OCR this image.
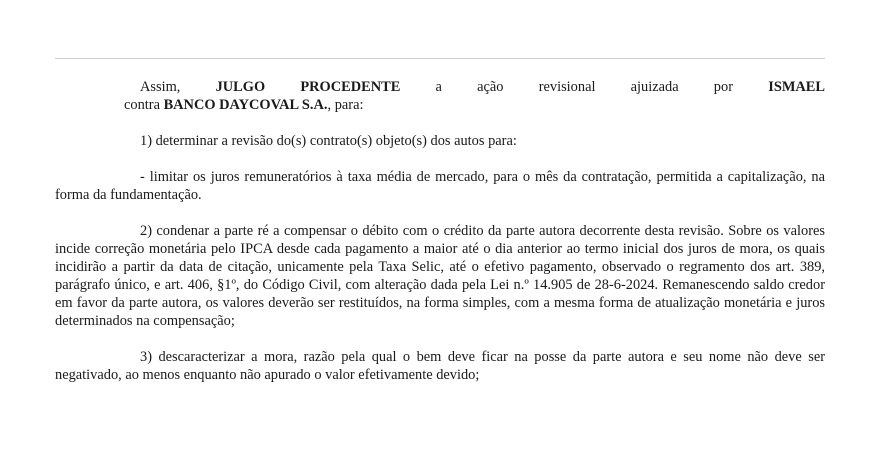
Assim, JULGO PROCEDENTE a ação revisional ajuizada por ISMAEL
contra BANCO DAYCOVAL S.A., para:

1) determinar a revisão do(s) contrato(s) objeto(s) dos autos para:

- limitar os juros remuneratórios à taxa média de mercado, para o mês da contratação, permitida a capitalização, na forma da fundamentação.

2) condenar a parte ré a compensar o débito com o crédito da parte autora decorrente desta revisão. Sobre os valores incide correção monetária pelo IPCA desde cada pagamento a maior até o dia anterior ao termo inicial dos juros de mora, os quais incidirão a partir da data de citação, unicamente pela Taxa Selic, até o efetivo pagamento, observado o regramento dos art. 389, parágrafo único, e art. 406, §1º, do Código Civil, com alteração dada pela Lei n.º 14.905 de 28-6-2024. Remanescendo saldo credor em favor da parte autora, os valores deverão ser restituídos, na forma simples, com a mesma forma de atualização monetária e juros determinados na compensação;

3) descaracterizar a mora, razão pela qual o bem deve ficar na posse da parte autora e seu nome não deve ser negativado, ao menos enquanto não apurado o valor efetivamente devido;
